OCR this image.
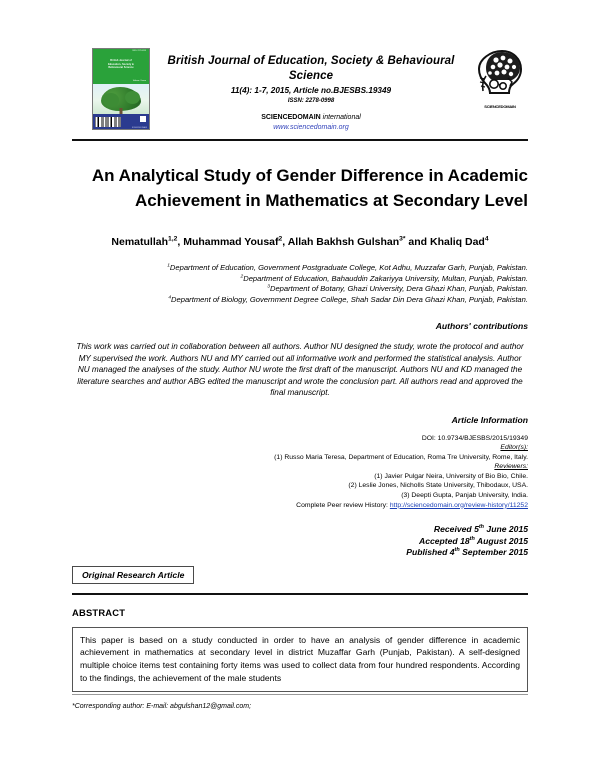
ISSN: 2278-0998
British Journal of
Education, Society &
Behavioural Science
Volume / Issue
SCIENCEDOMAIN
British Journal of Education, Society & Behavioural Science
11(4): 1-7, 2015, Article no.BJESBS.19349
ISSN: 2278-0998
SCIENCEDOMAIN international
www.sciencedomain.org
SCIENCEDOMAIN
An Analytical Study of Gender Difference in Academic Achievement in Mathematics at Secondary Level
Nematullah$^{1,2}$, Muhammad Yousaf$^2$, Allah Bakhsh Gulshan$^{3*}$ and Khaliq Dad$^4$
$^1$Department of Education, Government Postgraduate College, Kot Adhu, Muzzafar Garh, Punjab, Pakistan.
$^2$Department of Education, Bahauddin Zakariyya University, Multan, Punjab, Pakistan.
$^3$Department of Botany, Ghazi University, Dera Ghazi Khan, Punjab, Pakistan.
$^4$Department of Biology, Government Degree College, Shah Sadar Din Dera Ghazi Khan, Punjab, Pakistan.
Authors' contributions
This work was carried out in collaboration between all authors. Author NU designed the study, wrote the protocol and author MY supervised the work. Authors NU and MY carried out all informative work and performed the statistical analysis. Author NU managed the analyses of the study. Author NU wrote the first draft of the manuscript. Authors NU and KD managed the literature searches and author ABG edited the manuscript and wrote the conclusion part. All authors read and approved the final manuscript.
Article Information
DOI: 10.9734/BJESBS/2015/19349
Editor(s):
(1) Russo Maria Teresa, Department of Education, Roma Tre University, Rome, Italy.
Reviewers:
(1) Javier Pulgar Neira, University of Bio Bio, Chile.
(2) Leslie Jones, Nicholls State University, Thibodaux, USA.
(3) Deepti Gupta, Panjab University, India.
Complete Peer review History: http://sciencedomain.org/review-history/11252
Received 5th June 2015
Accepted 18th August 2015
Published 4th September 2015
Original Research Article
ABSTRACT
This paper is based on a study conducted in order to have an analysis of gender difference in academic achievement in mathematics at secondary level in district Muzaffar Garh (Punjab, Pakistan). A self-designed multiple choice items test containing forty items was used to collect data from four hundred respondents. According to the findings, the achievement of the male students
*Corresponding author: E-mail: abgulshan12@gmail.com;
